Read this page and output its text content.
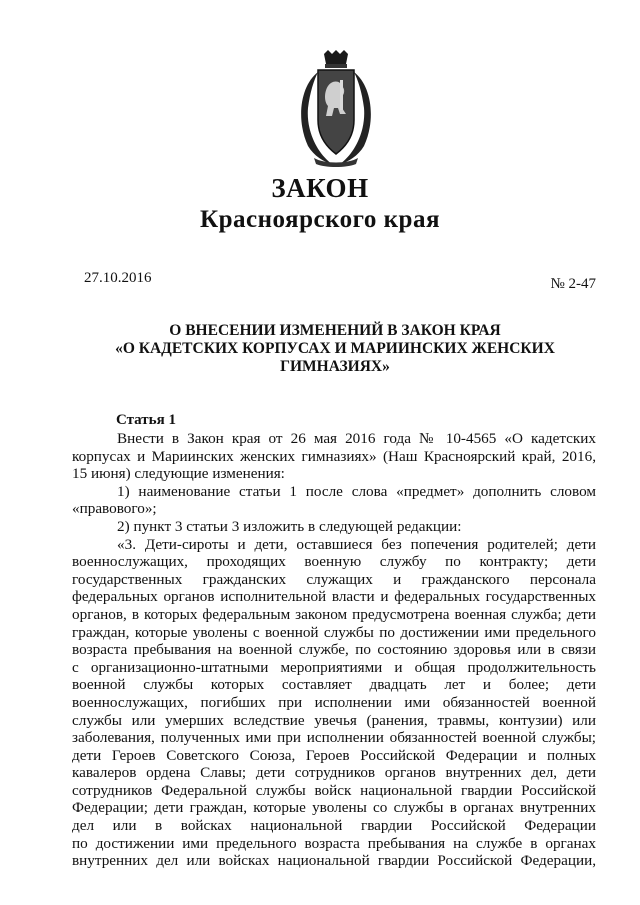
ЗАКОН
Красноярского края
27.10.2016	№ 2-47
О ВНЕСЕНИИ ИЗМЕНЕНИЙ В ЗАКОН КРАЯ
«О КАДЕТСКИХ КОРПУСАХ И МАРИИНСКИХ ЖЕНСКИХ
ГИМНАЗИЯХ»
Статья 1
Внести в Закон края от 26 мая 2016 года № 10-4565 «О кадетских
корпусах и Мариинских женских гимназиях» (Наш Красноярский край, 2016,
15 июня) следующие изменения:
1) наименование статьи 1 после слова «предмет» дополнить словом
«правового»;
2) пункт 3 статьи 3 изложить в следующей редакции:
«3. Дети-сироты и дети, оставшиеся без попечения родителей; дети
военнослужащих, проходящих военную службу по контракту; дети
государственных гражданских служащих и гражданского персонала
федеральных органов исполнительной власти и федеральных государственных
органов, в которых федеральным законом предусмотрена военная служба; дети
граждан, которые уволены с военной службы по достижении ими предельного
возраста пребывания на военной службе, по состоянию здоровья или в связи
с организационно-штатными мероприятиями и общая продолжительность
военной службы которых составляет двадцать лет и более; дети
военнослужащих, погибших при исполнении ими обязанностей военной
службы или умерших вследствие увечья (ранения, травмы, контузии) или
заболевания, полученных ими при исполнении обязанностей военной службы;
дети Героев Советского Союза, Героев Российской Федерации и полных
кавалеров ордена Славы; дети сотрудников органов внутренних дел, дети
сотрудников Федеральной службы войск национальной гвардии Российской
Федерации; дети граждан, которые уволены со службы в органах внутренних
дел или в войсках национальной гвардии Российской Федерации
по достижении ими предельного возраста пребывания на службе в органах
внутренних дел или войсках национальной гвардии Российской Федерации,
